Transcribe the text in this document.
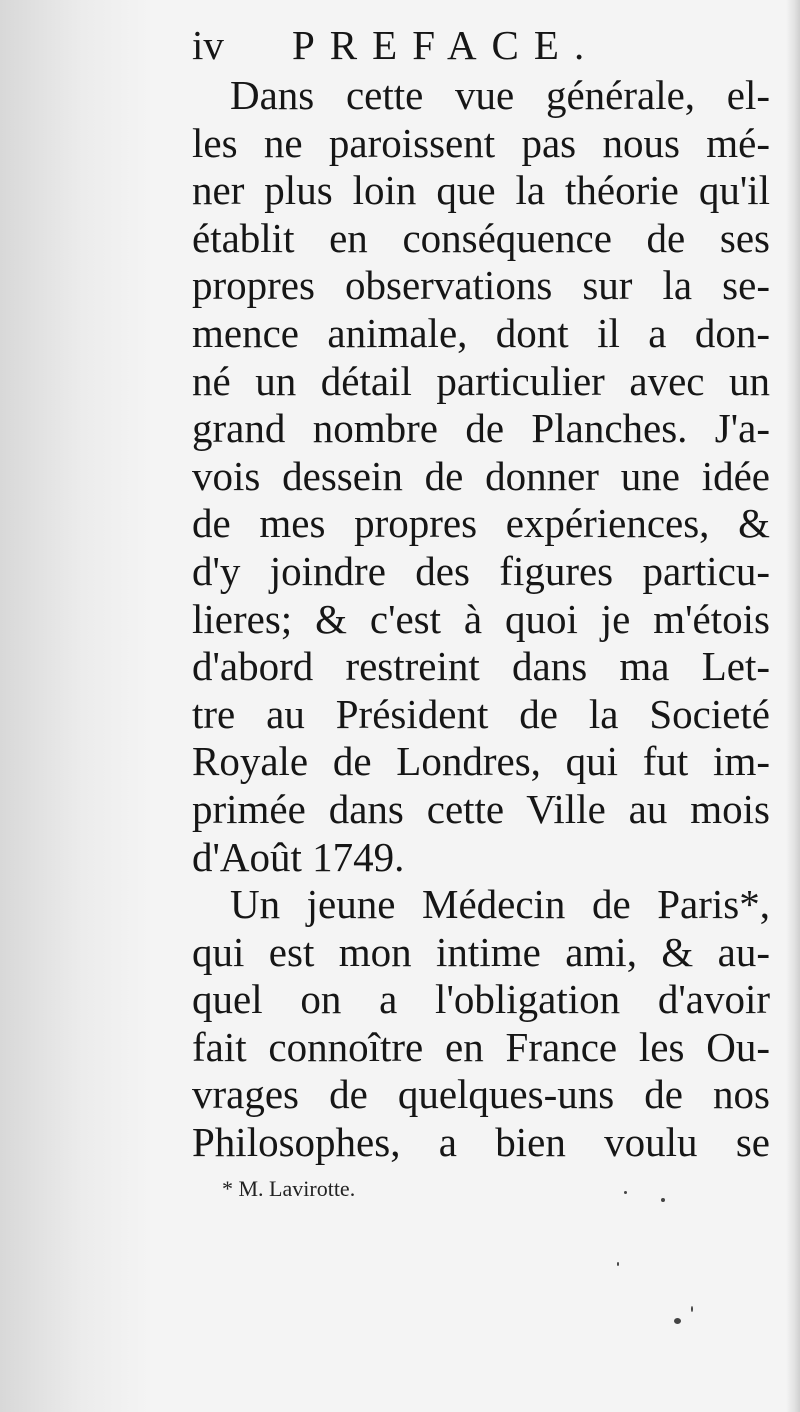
iv PREFACE.
Dans cette vue générale, el-
les ne paroissent pas nous mé-
ner plus loin que la théorie qu'il
établit en conséquence de ses
propres observations sur la se-
mence animale, dont il a don-
né un détail particulier avec un
grand nombre de Planches. J'a-
vois dessein de donner une idée
de mes propres expériences, &
d'y joindre des figures particu-
lieres; & c'est à quoi je m'étois
d'abord restreint dans ma Let-
tre au Président de la Societé
Royale de Londres, qui fut im-
primée dans cette Ville au mois
d'Août 1749.
Un jeune Médecin de Paris*,
qui est mon intime ami, & au-
quel on a l'obligation d'avoir
fait connoître en France les Ou-
vrages de quelques-uns de nos
Philosophes, a bien voulu se
* M. Lavirotte.
